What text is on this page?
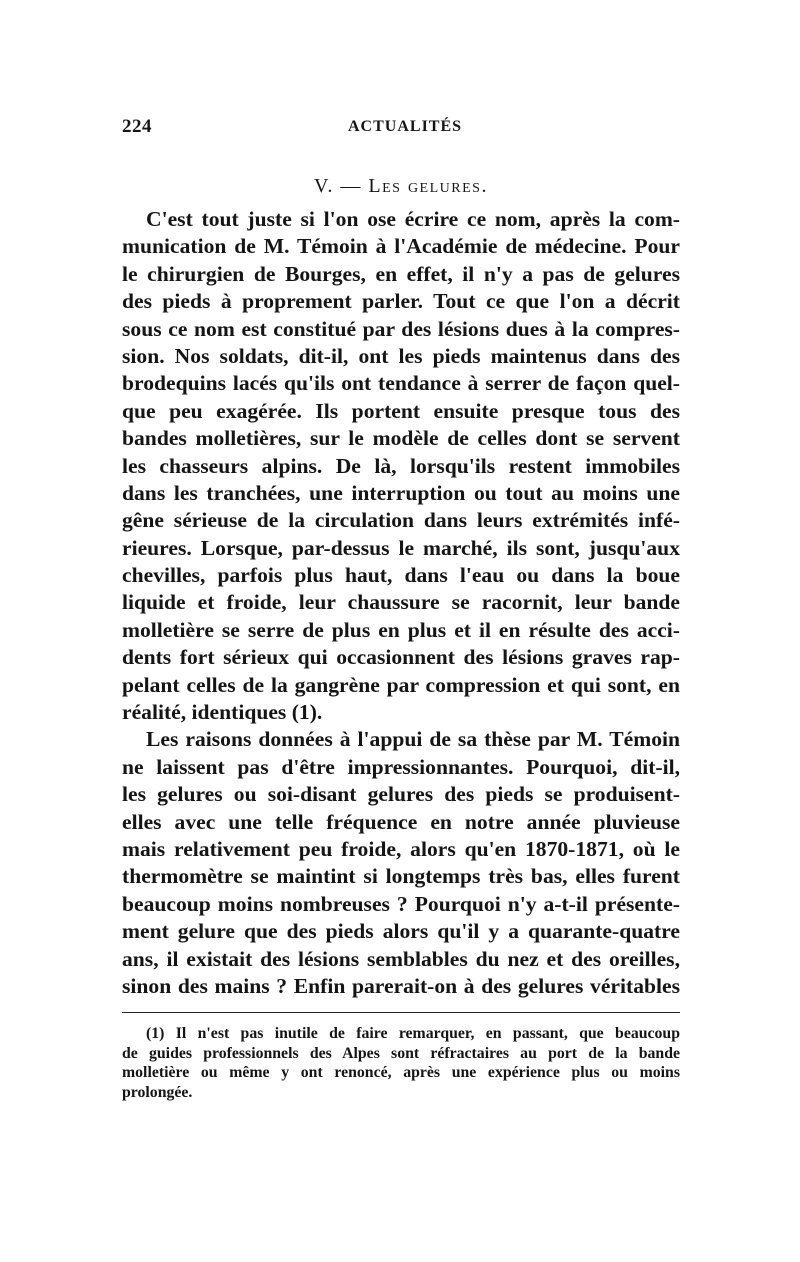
224	ACTUALITÉS
V. — Les gelures.
C'est tout juste si l'on ose écrire ce nom, après la com-
munication de M. Témoin à l'Académie de médecine. Pour
le chirurgien de Bourges, en effet, il n'y a pas de gelures
des pieds à proprement parler. Tout ce que l'on a décrit
sous ce nom est constitué par des lésions dues à la compres-
sion. Nos soldats, dit-il, ont les pieds maintenus dans des
brodequins lacés qu'ils ont tendance à serrer de façon quel-
que peu exagérée. Ils portent ensuite presque tous des
bandes molletières, sur le modèle de celles dont se servent
les chasseurs alpins. De là, lorsqu'ils restent immobiles
dans les tranchées, une interruption ou tout au moins une
gêne sérieuse de la circulation dans leurs extrémités infé-
rieures. Lorsque, par-dessus le marché, ils sont, jusqu'aux
chevilles, parfois plus haut, dans l'eau ou dans la boue
liquide et froide, leur chaussure se racornit, leur bande
molletière se serre de plus en plus et il en résulte des acci-
dents fort sérieux qui occasionnent des lésions graves rap-
pelant celles de la gangrène par compression et qui sont, en
réalité, identiques (1).
Les raisons données à l'appui de sa thèse par M. Témoin
ne laissent pas d'être impressionnantes. Pourquoi, dit-il,
les gelures ou soi-disant gelures des pieds se produisent-
elles avec une telle fréquence en notre année pluvieuse
mais relativement peu froide, alors qu'en 1870-1871, où le
thermomètre se maintint si longtemps très bas, elles furent
beaucoup moins nombreuses ? Pourquoi n'y a-t-il présente-
ment gelure que des pieds alors qu'il y a quarante-quatre
ans, il existait des lésions semblables du nez et des oreilles,
sinon des mains ? Enfin parerait-on à des gelures véritables
(1) Il n'est pas inutile de faire remarquer, en passant, que beaucoup
de guides professionnels des Alpes sont réfractaires au port de la bande
molletière ou même y ont renoncé, après une expérience plus ou moins
prolongée.
